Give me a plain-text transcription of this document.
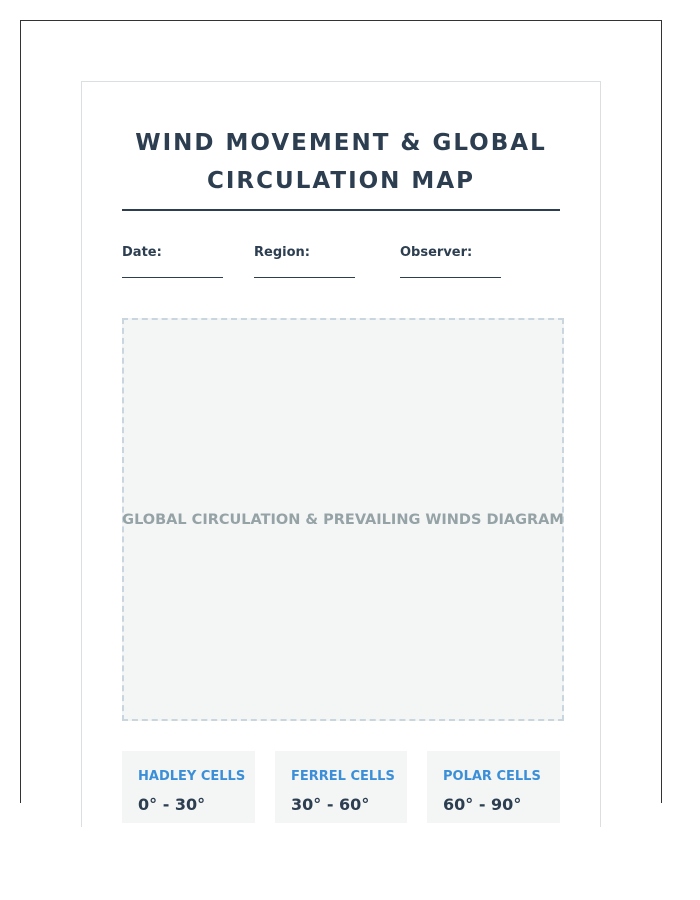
WIND MOVEMENT & GLOBAL CIRCULATION MAP
Date:	Region:	Observer:
GLOBAL CIRCULATION & PREVAILING WINDS DIAGRAM
HADLEY CELLS
0° - 30°
FERREL CELLS
30° - 60°
POLAR CELLS
60° - 90°
